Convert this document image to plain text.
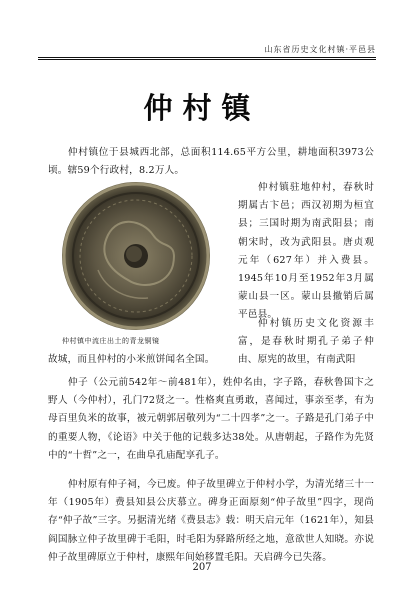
山东省历史文化村镇·平邑县
仲村镇

仲村镇位于县城西北部，总面积114.65平方公里，耕地面积3973公顷。辖59个行政村，8.2万人。

仲村镇驻地仲村，春秋时期属古卞邑；西汉初期为桓宜县；三国时期为南武阳县；南朝宋时，改为武阳县。唐贞观元年（627年）并入费县。1945年10月至1952年3月属蒙山县一区。蒙山县撤销后属平邑县。

仲村镇历史文化资源丰富，是春秋时期孔子弟子仲由、原宪的故里，有南武阳

仲村镇中流庄出土的青龙铜镜

故城，而且仲村的小米煎饼闻名全国。

仲子（公元前542年～前481年），姓仲名由，字子路，春秋鲁国卞之野人（今仲村），孔门72贤之一。性格爽直勇敢，喜闻过，事亲至孝，有为母百里负米的故事，被元朝郭居敬列为“二十四孝”之一。子路是孔门弟子中的重要人物，《论语》中关于他的记载多达38处。从唐朝起，子路作为先贤中的“十哲”之一，在曲阜孔庙配享孔子。

仲村原有仲子祠，今已废。仲子故里碑立于仲村小学，为清光绪三十一年（1905年）费县知县公庆慕立。碑身正面原刻“仲子故里”四字，现尚存“仲子故”三字。另据清光绪《费县志》载：明天启元年（1621年），知县阎国脉立仲子故里碑于毛阳，时毛阳为驿路所经之地，意欲世人知晓。亦说仲子故里碑原立于仲村，康熙年间始移置毛阳。天启碑今已失落。

207
